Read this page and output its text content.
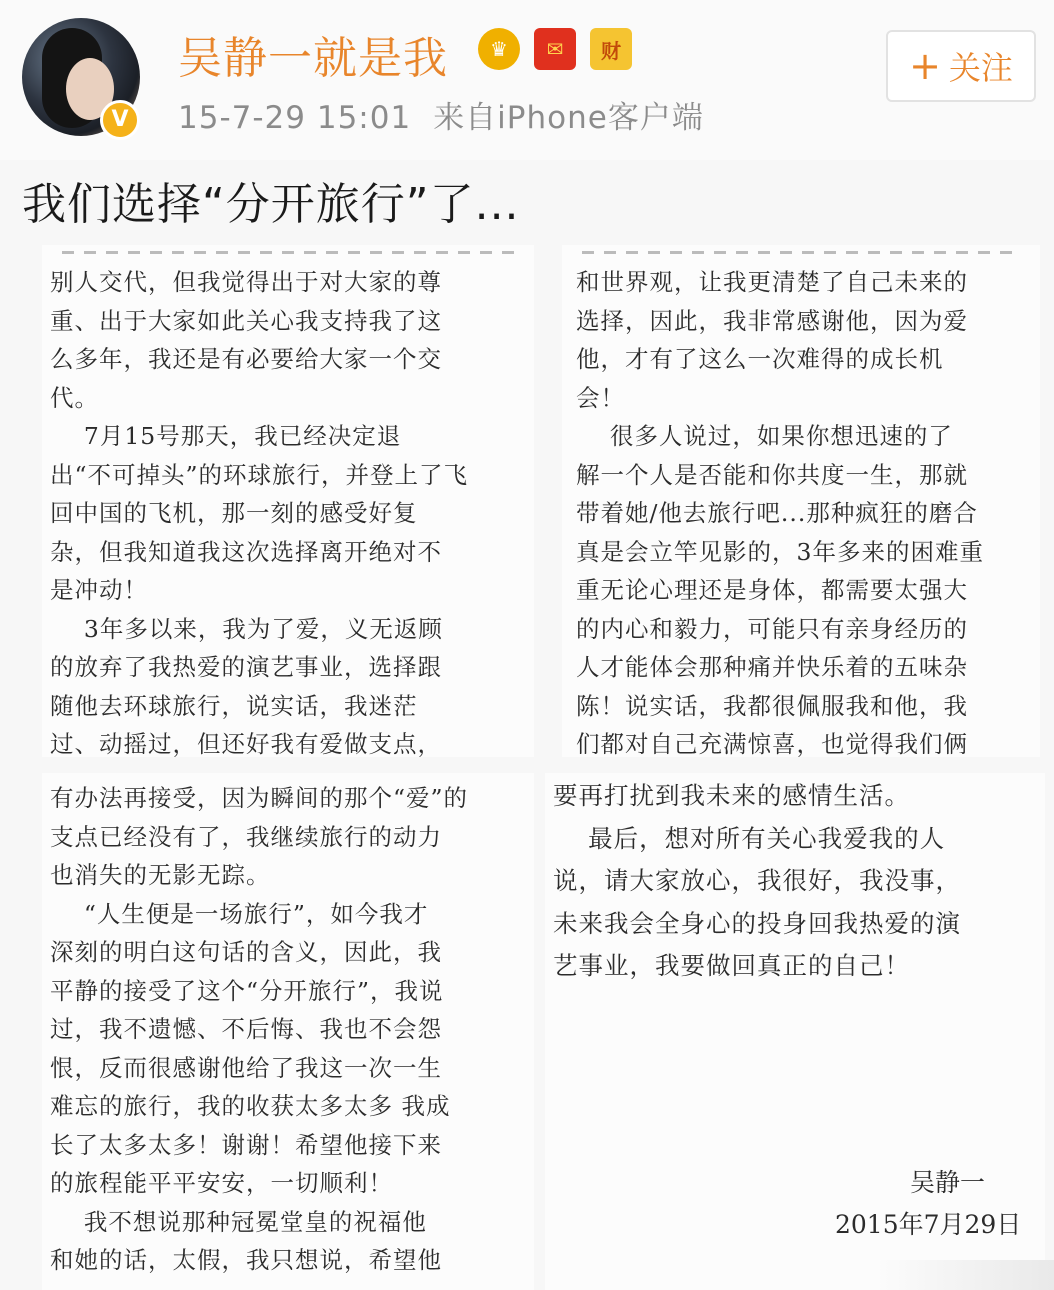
V
吴静一就是我	♛	✉	财
15-7-29 15:01 来自iPhone客户端
+ 关注
我们选择“分开旅行”了...
别人交代，但我觉得出于对大家的尊
重、出于大家如此关心我支持我了这
么多年，我还是有必要给大家一个交
代。
7月15号那天，我已经决定退
出“不可掉头”的环球旅行，并登上了飞
回中国的飞机，那一刻的感受好复
杂，但我知道我这次选择离开绝对不
是冲动！
3年多以来，我为了爱，义无返顾
的放弃了我热爱的演艺事业，选择跟
随他去环球旅行，说实话，我迷茫
过、动摇过，但还好我有爱做支点，
和世界观，让我更清楚了自己未来的
选择，因此，我非常感谢他，因为爱
他，才有了这么一次难得的成长机
会！
很多人说过，如果你想迅速的了
解一个人是否能和你共度一生，那就
带着她/他去旅行吧...那种疯狂的磨合
真是会立竿见影的，3年多来的困难重
重无论心理还是身体，都需要太强大
的内心和毅力，可能只有亲身经历的
人才能体会那种痛并快乐着的五味杂
陈！说实话，我都很佩服我和他，我
们都对自己充满惊喜，也觉得我们俩
有办法再接受，因为瞬间的那个“爱”的
支点已经没有了，我继续旅行的动力
也消失的无影无踪。
“人生便是一场旅行”，如今我才
深刻的明白这句话的含义，因此，我
平静的接受了这个“分开旅行”，我说
过，我不遗憾、不后悔、我也不会怨
恨，反而很感谢他给了我这一次一生
难忘的旅行，我的收获太多太多 我成
长了太多太多！谢谢！希望他接下来
的旅程能平平安安，一切顺利！
我不想说那种冠冕堂皇的祝福他
和她的话，太假，我只想说，希望他
要再打扰到我未来的感情生活。
最后，想对所有关心我爱我的人
说，请大家放心，我很好，我没事，
未来我会全身心的投身回我热爱的演
艺事业，我要做回真正的自己！
吴静一
2015年7月29日
